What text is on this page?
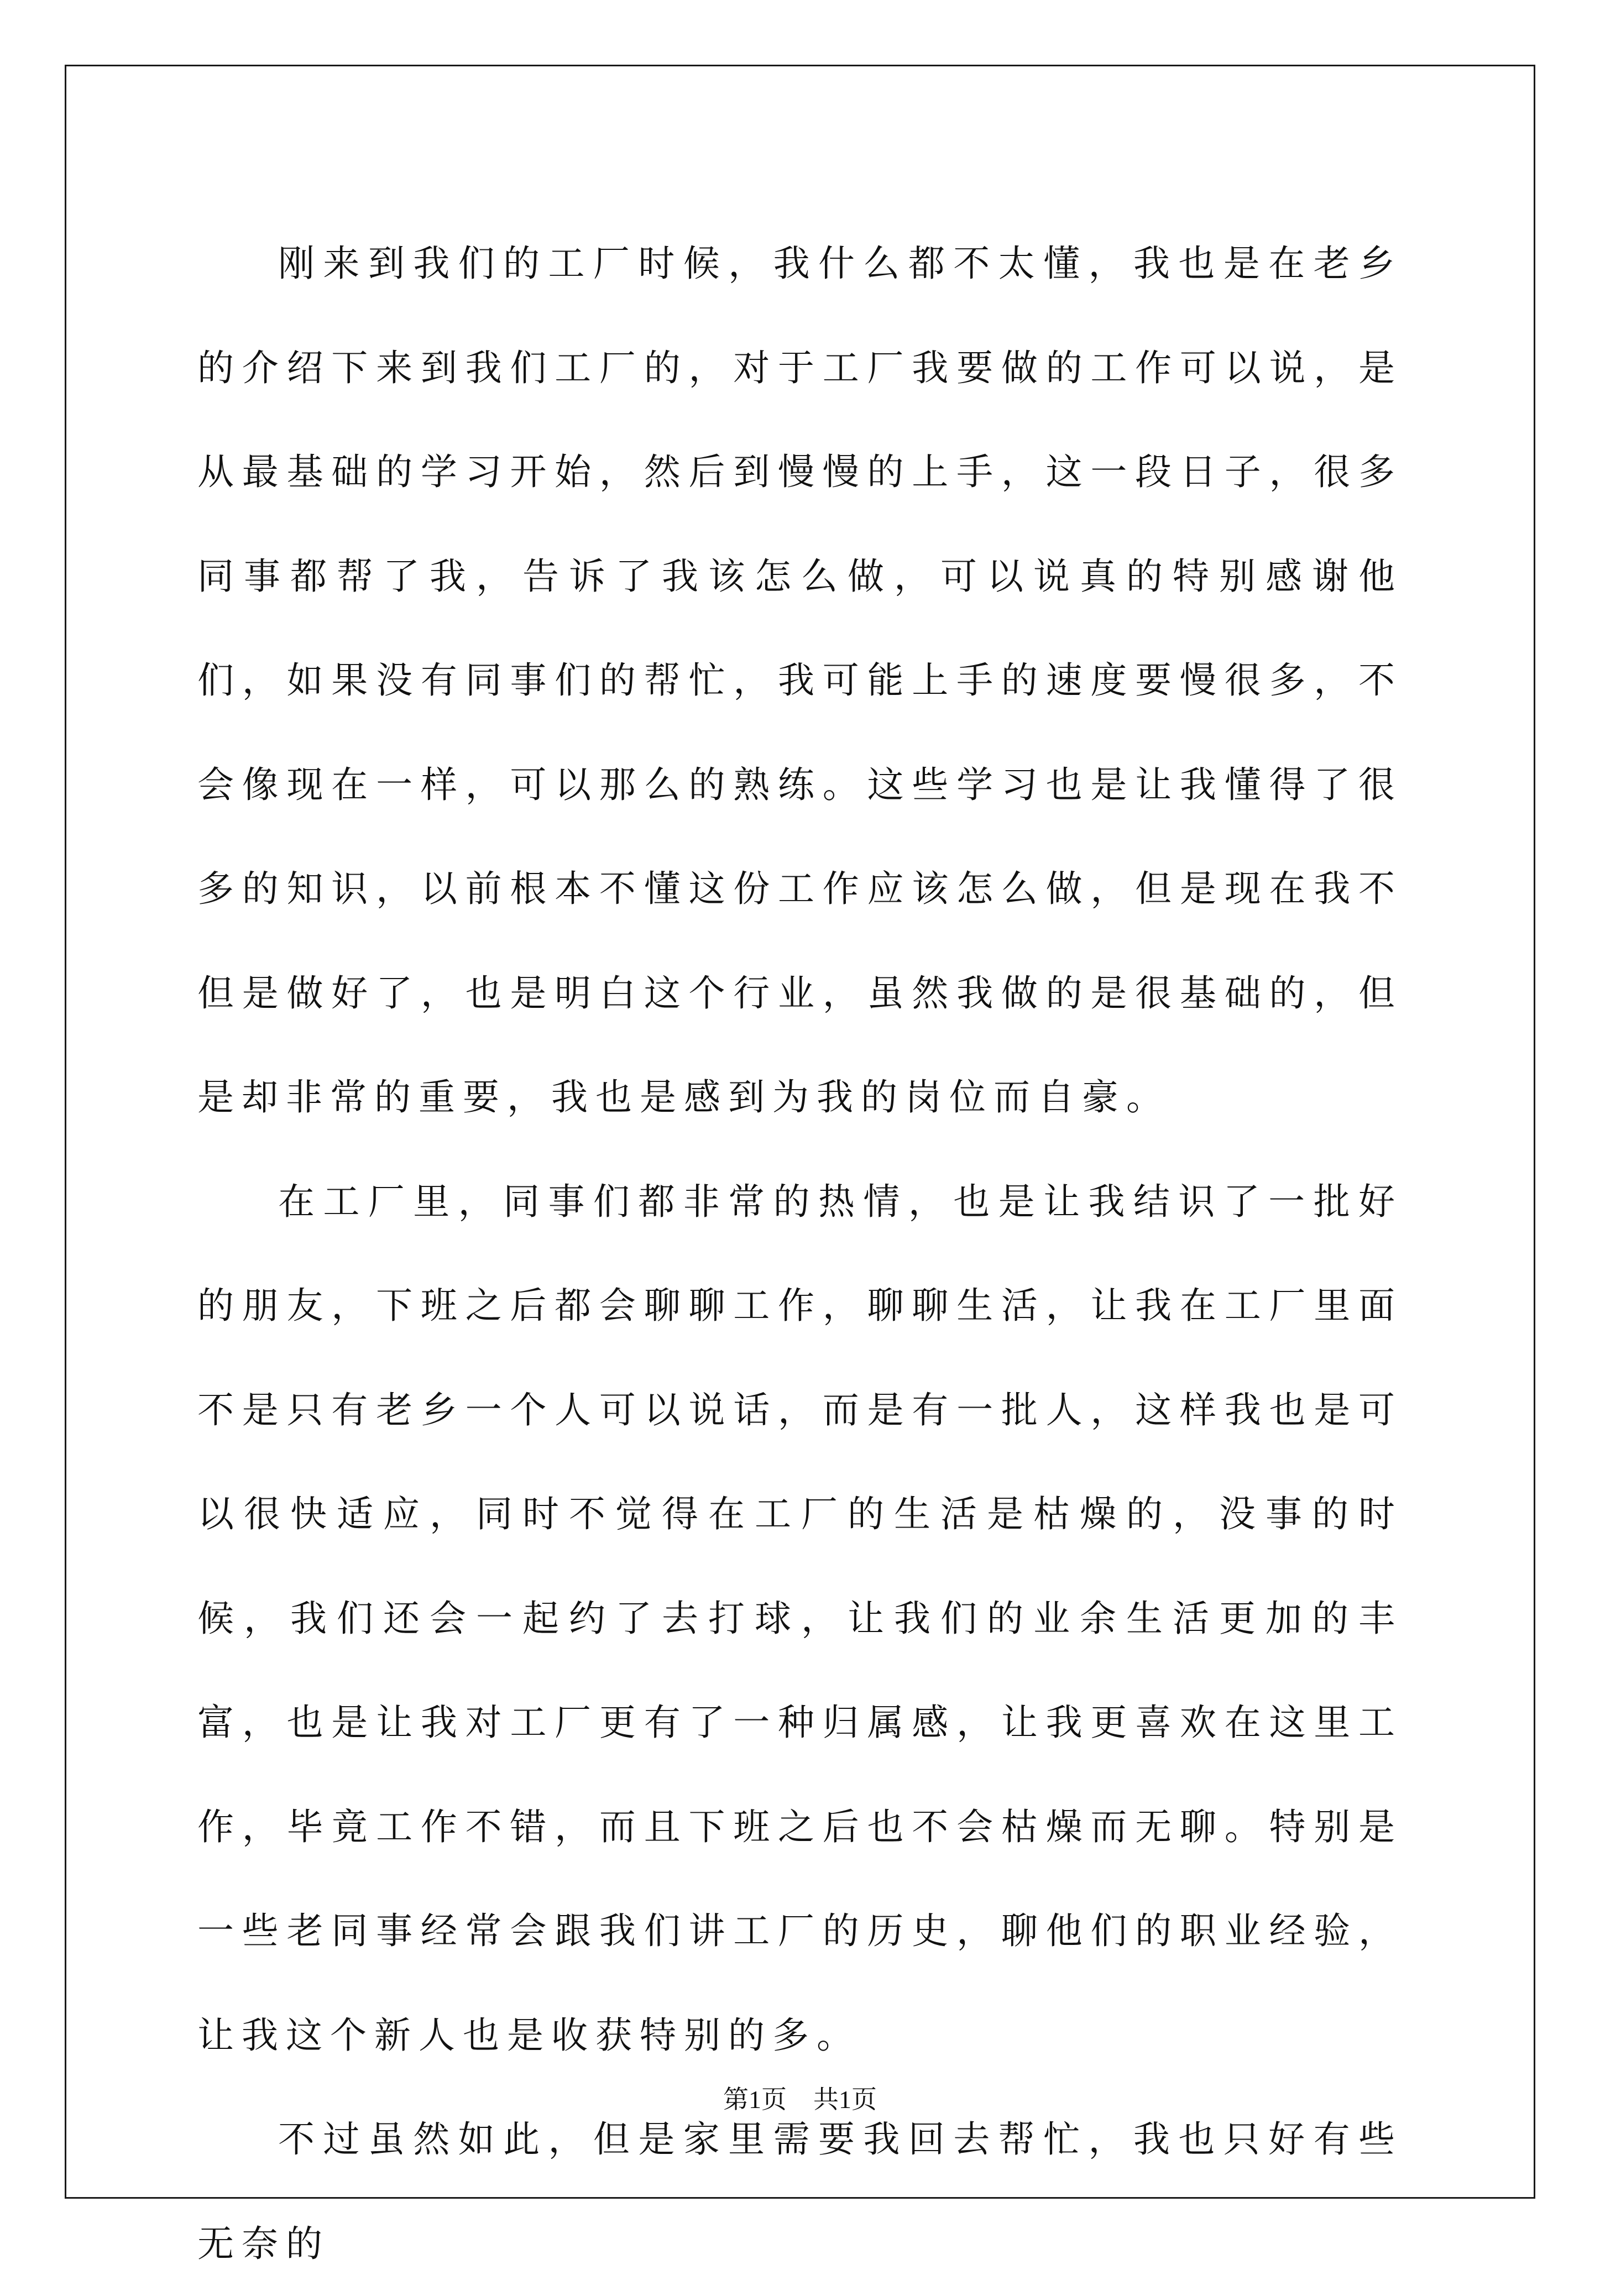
刚来到我们的工厂时候，我什么都不太懂，我也是在老乡的介绍下来到我们工厂的，对于工厂我要做的工作可以说，是从最基础的学习开始，然后到慢慢的上手，这一段日子，很多同事都帮了我，告诉了我该怎么做，可以说真的特别感谢他们，如果没有同事们的帮忙，我可能上手的速度要慢很多，不会像现在一样，可以那么的熟练。这些学习也是让我懂得了很多的知识，以前根本不懂这份工作应该怎么做，但是现在我不但是做好了，也是明白这个行业，虽然我做的是很基础的，但是却非常的重要，我也是感到为我的岗位而自豪。

在工厂里，同事们都非常的热情，也是让我结识了一批好的朋友，下班之后都会聊聊工作，聊聊生活，让我在工厂里面不是只有老乡一个人可以说话，而是有一批人，这样我也是可以很快适应，同时不觉得在工厂的生活是枯燥的，没事的时候，我们还会一起约了去打球，让我们的业余生活更加的丰富，也是让我对工厂更有了一种归属感，让我更喜欢在这里工作，毕竟工作不错，而且下班之后也不会枯燥而无聊。特别是一些老同事经常会跟我们讲工厂的历史，聊他们的职业经验，让我这个新人也是收获特别的多。

不过虽然如此，但是家里需要我回去帮忙，我也只好有些无奈的

第1页 共1页
